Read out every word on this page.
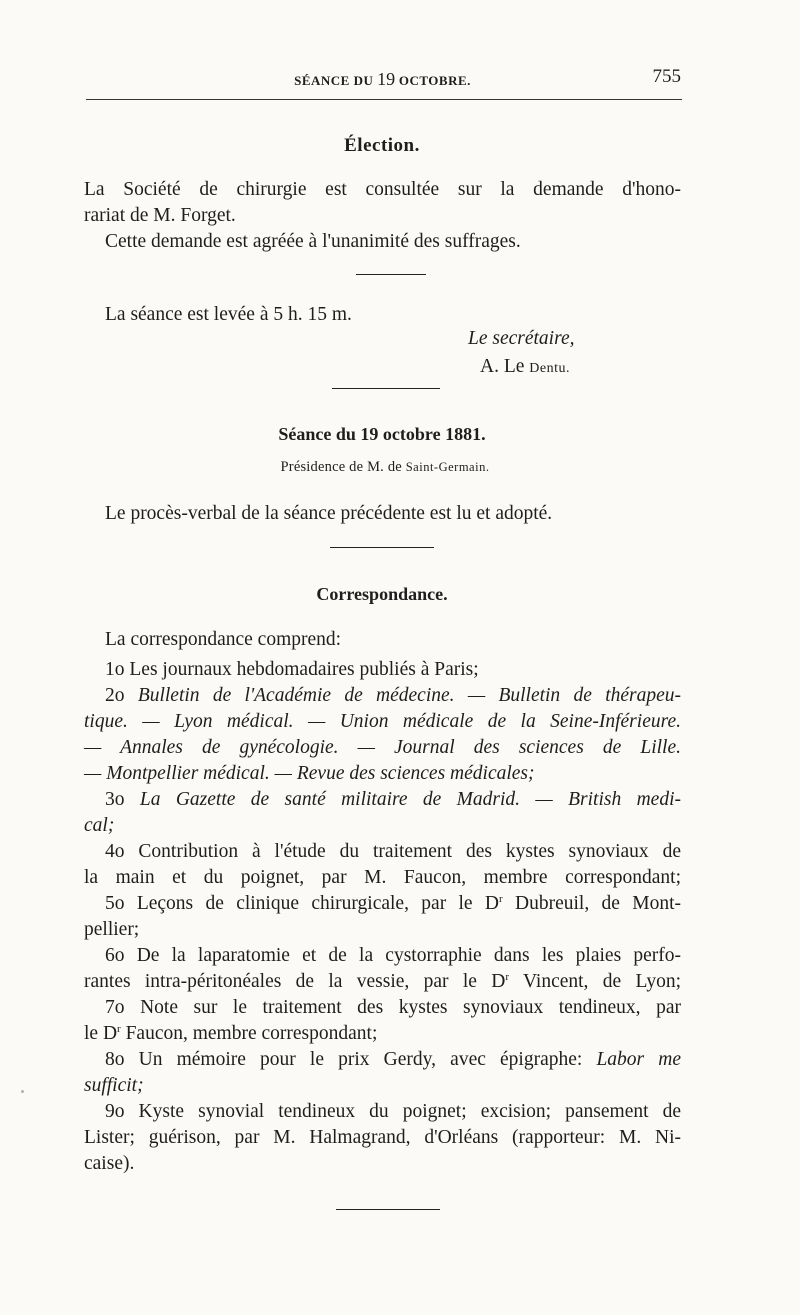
SÉANCE DU 19 OCTOBRE.	755
Élection.
La Société de chirurgie est consultée sur la demande d'hono-
rariat de M. Forget.
Cette demande est agréée à l'unanimité des suffrages.
La séance est levée à 5 h. 15 m.
Le secrétaire,
A. Le Dentu.
Séance du 19 octobre 1881.
Présidence de M. de Saint-Germain.
Le procès-verbal de la séance précédente est lu et adopté.
Correspondance.
La correspondance comprend:
1o Les journaux hebdomadaires publiés à Paris;
2o Bulletin de l'Académie de médecine. — Bulletin de thérapeu-
tique. — Lyon médical. — Union médicale de la Seine-Inférieure.
— Annales de gynécologie. — Journal des sciences de Lille.
— Montpellier médical. — Revue des sciences médicales;
3o La Gazette de santé militaire de Madrid. — British medi-
cal;
4o Contribution à l'étude du traitement des kystes synoviaux de
la main et du poignet, par M. Faucon, membre correspondant;
5o Leçons de clinique chirurgicale, par le $D^r$ Dubreuil, de Mont-
pellier;
6o De la laparatomie et de la cystorraphie dans les plaies perfo-
rantes intra-péritonéales de la vessie, par le $D^r$ Vincent, de Lyon;
7o Note sur le traitement des kystes synoviaux tendineux, par
le $D^r$ Faucon, membre correspondant;
8o Un mémoire pour le prix Gerdy, avec épigraphe: Labor me
sufficit;
9o Kyste synovial tendineux du poignet; excision; pansement de
Lister; guérison, par M. Halmagrand, d'Orléans (rapporteur: M. Ni-
caise).
